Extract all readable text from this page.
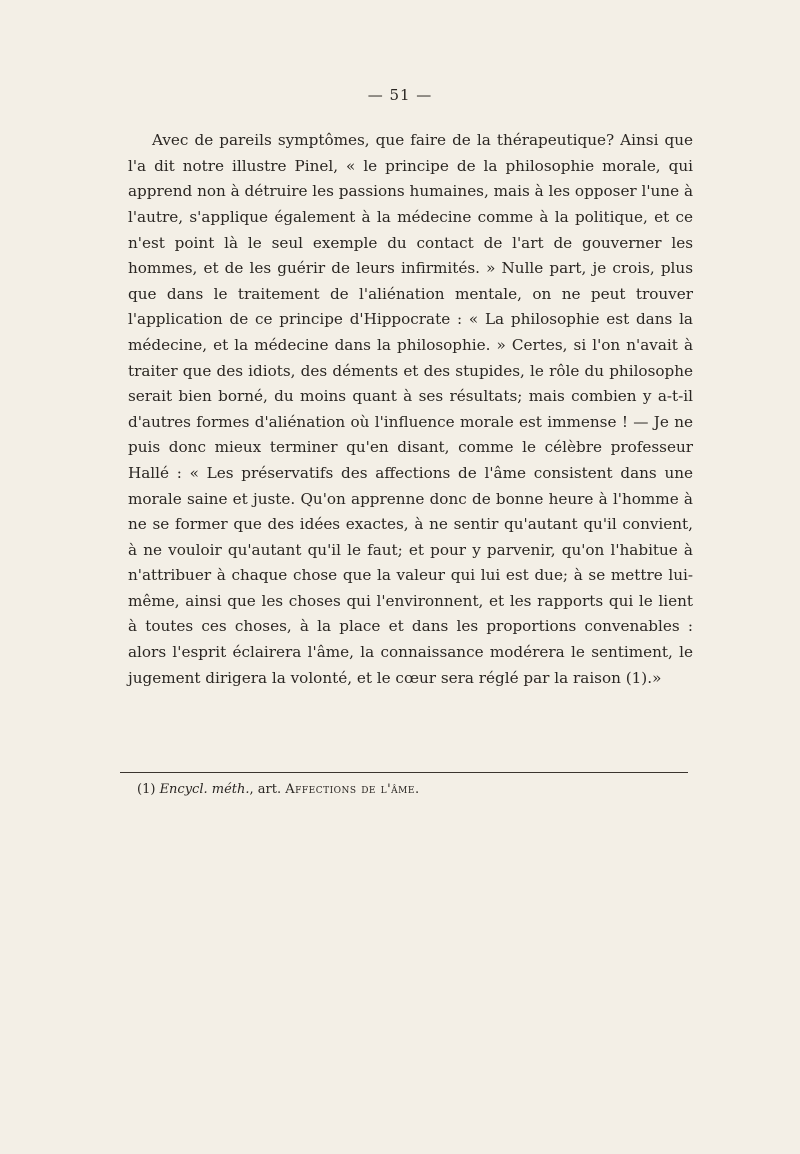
— 51 —

Avec de pareils symptômes, que faire de la thérapeutique? Ainsi que l'a dit notre illustre Pinel, « le principe de la philosophie morale, qui apprend non à détruire les passions humaines, mais à les opposer l'une à l'autre, s'applique également à la médecine comme à la politique, et ce n'est point là le seul exemple du contact de l'art de gouverner les hommes, et de les guérir de leurs infirmités. » Nulle part, je crois, plus que dans le traitement de l'aliénation mentale, on ne peut trouver l'application de ce principe d'Hippocrate : « La philosophie est dans la médecine, et la médecine dans la philosophie. » Certes, si l'on n'avait à traiter que des idiots, des déments et des stupides, le rôle du philosophe serait bien borné, du moins quant à ses résultats; mais combien y a-t-il d'autres formes d'aliénation où l'influence morale est immense ! — Je ne puis donc mieux terminer qu'en disant, comme le célèbre professeur Hallé : « Les préservatifs des affections de l'âme consistent dans une morale saine et juste. Qu'on apprenne donc de bonne heure à l'homme à ne se former que des idées exactes, à ne sentir qu'autant qu'il convient, à ne vouloir qu'autant qu'il le faut; et pour y parvenir, qu'on l'habitue à n'attribuer à chaque chose que la valeur qui lui est due; à se mettre lui-même, ainsi que les choses qui l'environnent, et les rapports qui le lient à toutes ces choses, à la place et dans les proportions convenables : alors l'esprit éclairera l'âme, la connaissance modérera le sentiment, le jugement dirigera la volonté, et le cœur sera réglé par la raison (1).»

(1) Encycl. méth., art. Affections de l'âme.
